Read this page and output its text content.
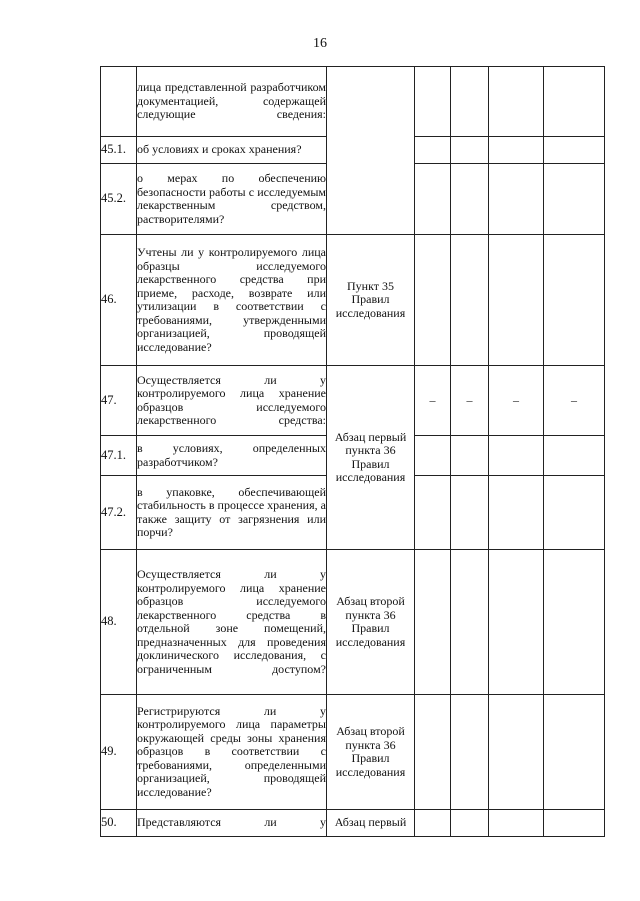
16
	лица представленной разработчиком документацией, содержащей следующие сведения:					
45.1.	об условиях и сроках хранения?					
45.2.	о мерах по обеспечению безопасности работы с исследуемым лекарственным средством, растворителями?					
46.	Учтены ли у контролируемого лица образцы исследуемого лекарственного средства при приеме, расходе, возврате или утилизации в соответствии с требованиями, утвержденными организацией, проводящей исследование?	Пункт 35 Правил исследования				
47.	Осуществляется ли у контролируемого лица хранение образцов исследуемого лекарственного средства:	Абзац первый пункта 36 Правил исследования	–	–	–	–
47.1.	в условиях, определенных разработчиком?					
47.2.	в упаковке, обеспечивающей стабильность в процессе хранения, а также защиту от загрязнения или порчи?					
48.	Осуществляется ли у контролируемого лица хранение образцов исследуемого лекарственного средства в отдельной зоне помещений, предназначенных для проведения доклинического исследования, с ограниченным доступом?	Абзац второй пункта 36 Правил исследования				
49.	Регистрируются ли у контролируемого лица параметры окружающей среды зоны хранения образцов в соответствии с требованиями, определенными организацией, проводящей исследование?	Абзац второй пункта 36 Правил исследования				
50.	Представляются ли у	Абзац первый				
